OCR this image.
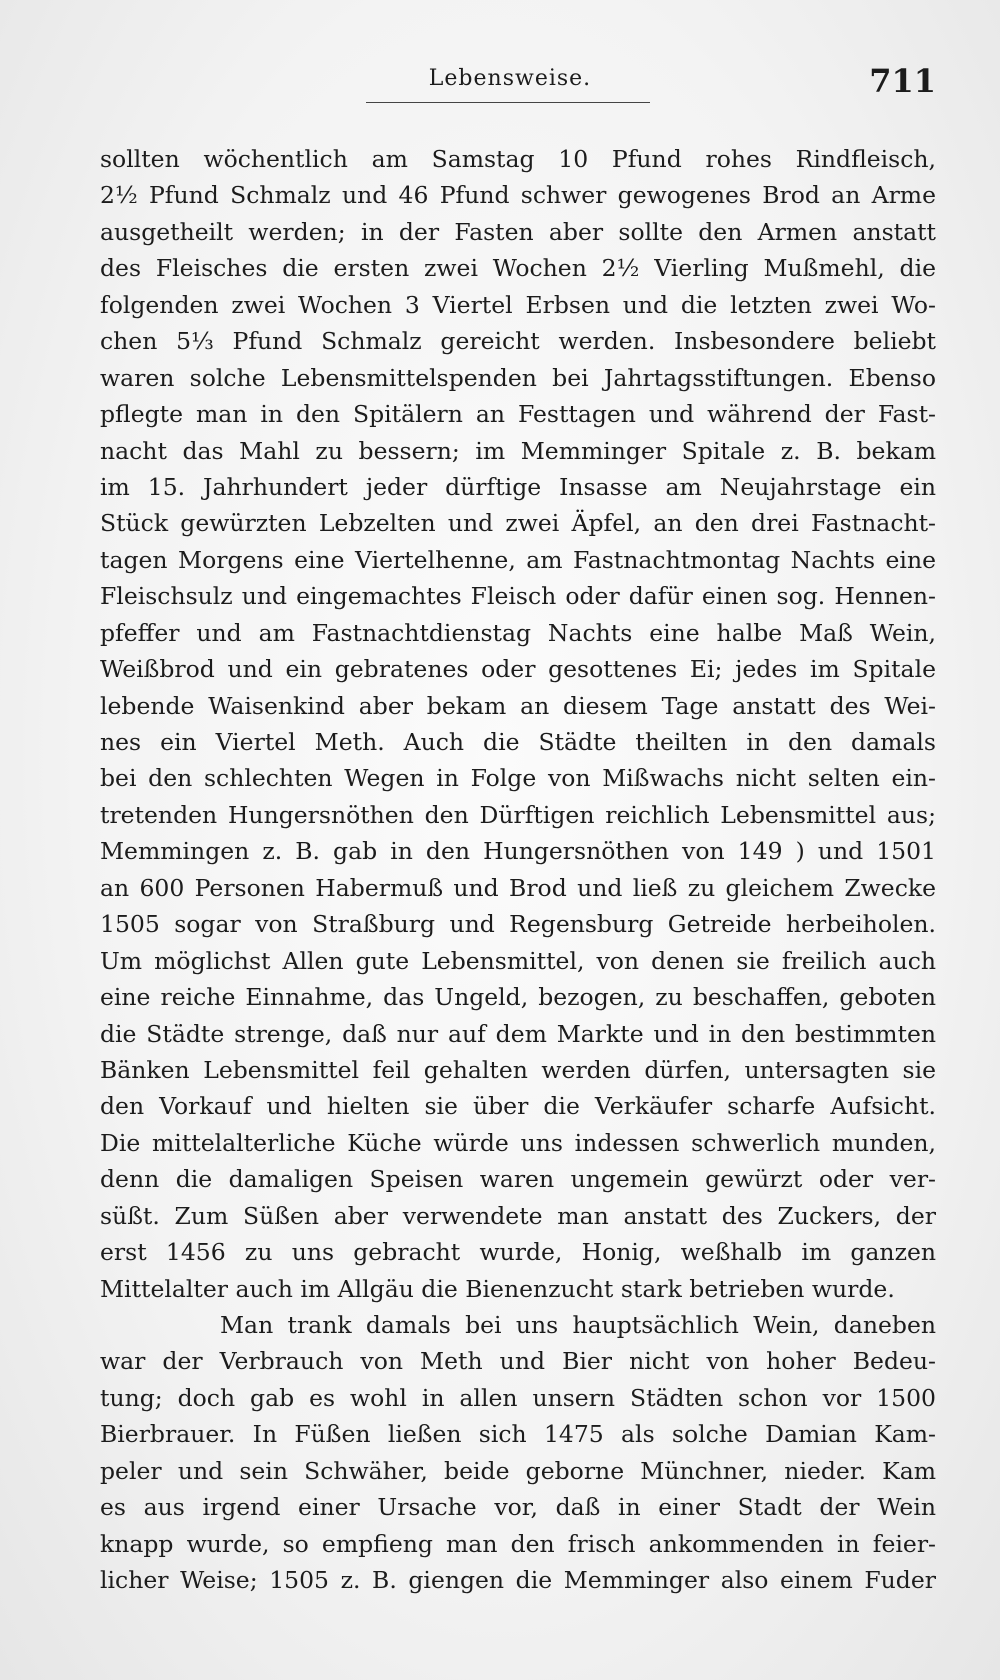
Lebensweise.	711
sollten wöchentlich am Samstag 10 Pfund rohes Rindfleisch,
2½ Pfund Schmalz und 46 Pfund schwer gewogenes Brod an Arme
ausgetheilt werden; in der Fasten aber sollte den Armen anstatt
des Fleisches die ersten zwei Wochen 2½ Vierling Mußmehl, die
folgenden zwei Wochen 3 Viertel Erbsen und die letzten zwei Wo-
chen 5⅓ Pfund Schmalz gereicht werden. Insbesondere beliebt
waren solche Lebensmittelspenden bei Jahrtagsstiftungen. Ebenso
pflegte man in den Spitälern an Festtagen und während der Fast-
nacht das Mahl zu bessern; im Memminger Spitale z. B. bekam
im 15. Jahrhundert jeder dürftige Insasse am Neujahrstage ein
Stück gewürzten Lebzelten und zwei Äpfel, an den drei Fastnacht-
tagen Morgens eine Viertelhenne, am Fastnachtmontag Nachts eine
Fleischsulz und eingemachtes Fleisch oder dafür einen sog. Hennen-
pfeffer und am Fastnachtdienstag Nachts eine halbe Maß Wein,
Weißbrod und ein gebratenes oder gesottenes Ei; jedes im Spitale
lebende Waisenkind aber bekam an diesem Tage anstatt des Wei-
nes ein Viertel Meth. Auch die Städte theilten in den damals
bei den schlechten Wegen in Folge von Mißwachs nicht selten ein-
tretenden Hungersnöthen den Dürftigen reichlich Lebensmittel aus;
Memmingen z. B. gab in den Hungersnöthen von 149 ) und 1501
an 600 Personen Habermuß und Brod und ließ zu gleichem Zwecke
1505 sogar von Straßburg und Regensburg Getreide herbeiholen.
Um möglichst Allen gute Lebensmittel, von denen sie freilich auch
eine reiche Einnahme, das Ungeld, bezogen, zu beschaffen, geboten
die Städte strenge, daß nur auf dem Markte und in den bestimmten
Bänken Lebensmittel feil gehalten werden dürfen, untersagten sie
den Vorkauf und hielten sie über die Verkäufer scharfe Aufsicht.
Die mittelalterliche Küche würde uns indessen schwerlich munden,
denn die damaligen Speisen waren ungemein gewürzt oder ver-
süßt. Zum Süßen aber verwendete man anstatt des Zuckers, der
erst 1456 zu uns gebracht wurde, Honig, weßhalb im ganzen
Mittelalter auch im Allgäu die Bienenzucht stark betrieben wurde.
Man trank damals bei uns hauptsächlich Wein, daneben
war der Verbrauch von Meth und Bier nicht von hoher Bedeu-
tung; doch gab es wohl in allen unsern Städten schon vor 1500
Bierbrauer. In Füßen ließen sich 1475 als solche Damian Kam-
peler und sein Schwäher, beide geborne Münchner, nieder. Kam
es aus irgend einer Ursache vor, daß in einer Stadt der Wein
knapp wurde, so empfieng man den frisch ankommenden in feier-
licher Weise; 1505 z. B. giengen die Memminger also einem Fuder
